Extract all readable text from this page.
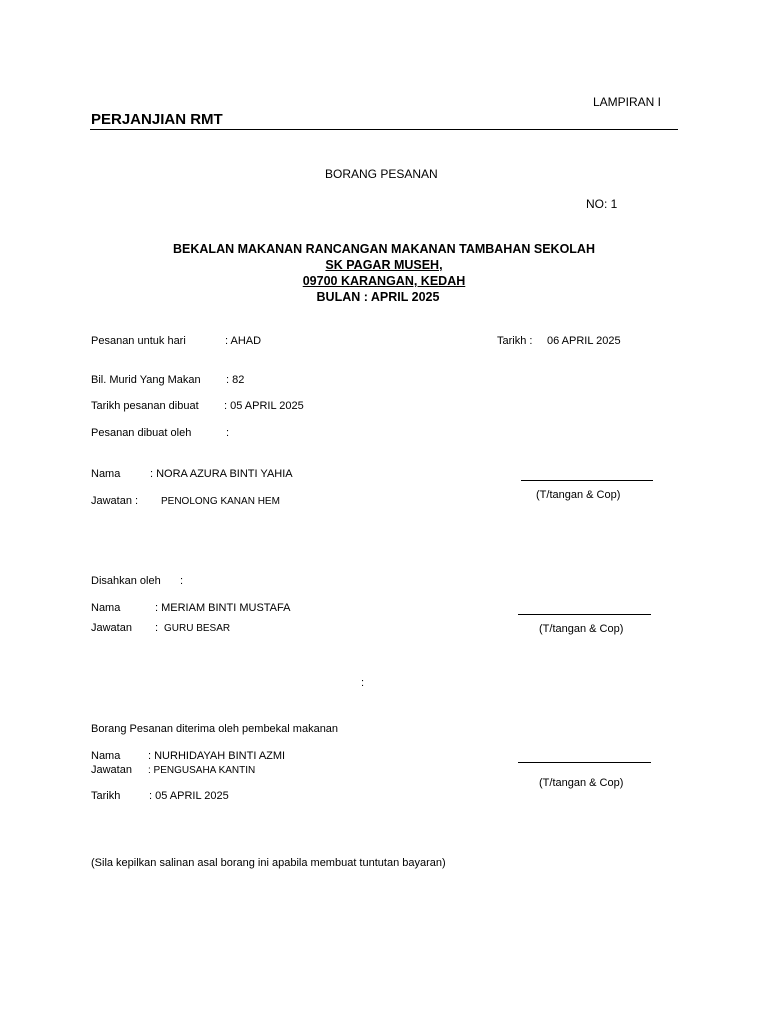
LAMPIRAN I
PERJANJIAN RMT
BORANG PESANAN
NO: 1
BEKALAN MAKANAN RANCANGAN MAKANAN TAMBAHAN SEKOLAH
SK PAGAR MUSEH,
09700 KARANGAN, KEDAH
BULAN : APRIL 2025
Pesanan untuk hari	: AHAD	Tarikh : 06 APRIL 2025
Bil. Murid Yang Makan : 82
Tarikh pesanan dibuat : 05 APRIL 2025
Pesanan dibuat oleh	:
Nama	: NORA AZURA BINTI YAHIA
Jawatan : PENOLONG KANAN HEM
(T/tangan & Cop)
Disahkan oleh :
Nama	: MERIAM BINTI MUSTAFA
Jawatan : GURU BESAR	(T/tangan & Cop)
:
Borang Pesanan diterima oleh pembekal makanan
Nama	: NURHIDAYAH BINTI AZMI
Jawatan : PENGUSAHA KANTIN
(T/tangan & Cop)
Tarikh	: 05 APRIL 2025
(Sila kepilkan salinan asal borang ini apabila membuat tuntutan bayaran)
